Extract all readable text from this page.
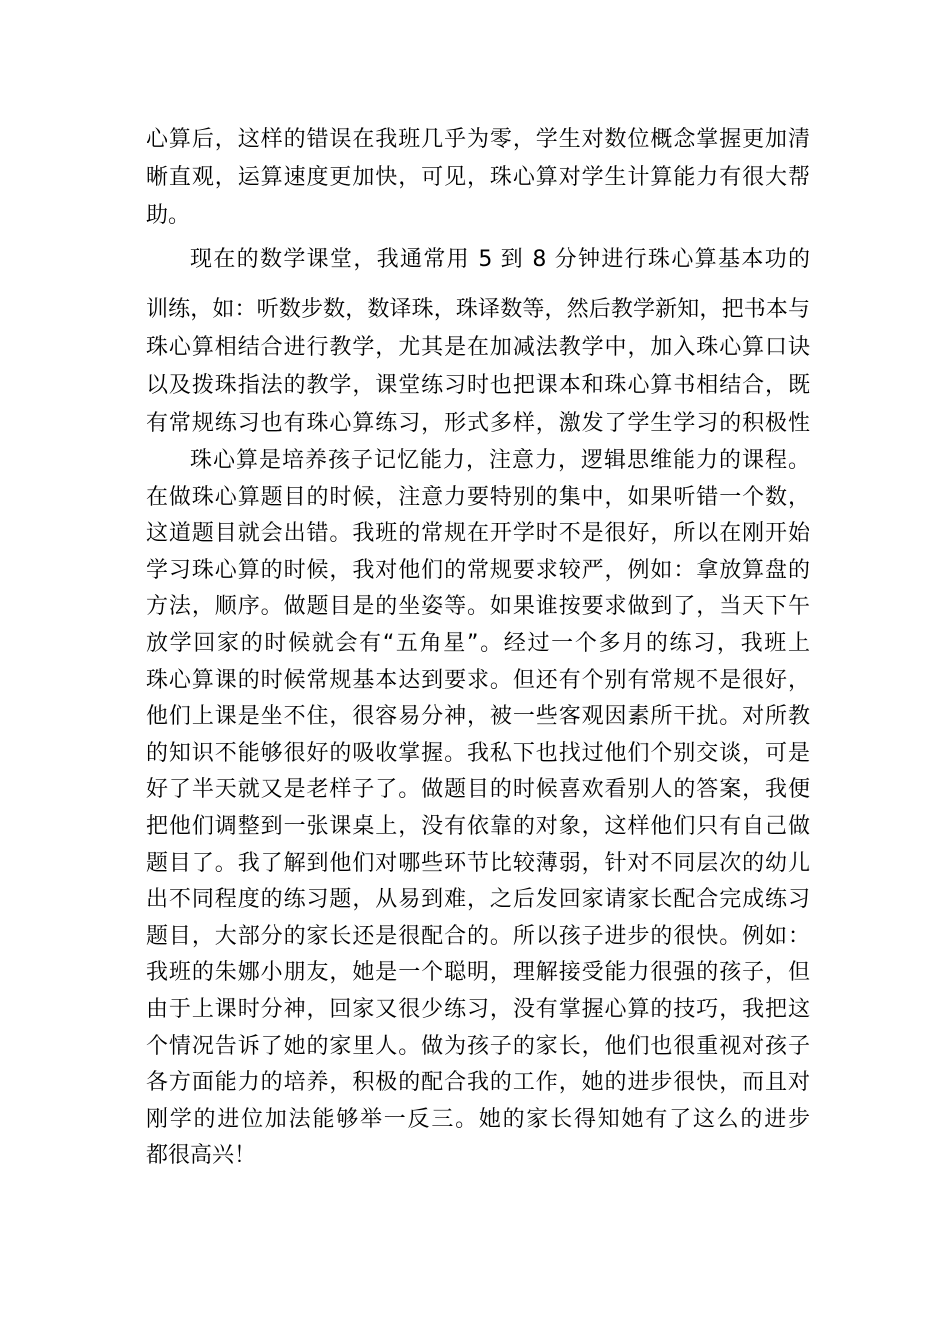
心算后，这样的错误在我班几乎为零，学生对数位概念掌握更加清
晰直观，运算速度更加快，可见，珠心算对学生计算能力有很大帮
助。
现在的数学课堂，我通常用 5 到 8 分钟进行珠心算基本功的
训练，如：听数步数，数译珠，珠译数等，然后教学新知，把书本与
珠心算相结合进行教学，尤其是在加减法教学中，加入珠心算口诀
以及拨珠指法的教学，课堂练习时也把课本和珠心算书相结合，既
有常规练习也有珠心算练习，形式多样，激发了学生学习的积极性
珠心算是培养孩子记忆能力，注意力，逻辑思维能力的课程。
在做珠心算题目的时候，注意力要特别的集中，如果听错一个数，
这道题目就会出错。我班的常规在开学时不是很好，所以在刚开始
学习珠心算的时候，我对他们的常规要求较严，例如：拿放算盘的
方法，顺序。做题目是的坐姿等。如果谁按要求做到了，当天下午
放学回家的时候就会有“五角星”。经过一个多月的练习，我班上
珠心算课的时候常规基本达到要求。但还有个别有常规不是很好，
他们上课是坐不住，很容易分神，被一些客观因素所干扰。对所教
的知识不能够很好的吸收掌握。我私下也找过他们个别交谈，可是
好了半天就又是老样子了。做题目的时候喜欢看别人的答案，我便
把他们调整到一张课桌上，没有依靠的对象，这样他们只有自己做
题目了。我了解到他们对哪些环节比较薄弱，针对不同层次的幼儿
出不同程度的练习题，从易到难，之后发回家请家长配合完成练习
题目，大部分的家长还是很配合的。所以孩子进步的很快。例如：
我班的朱娜小朋友，她是一个聪明，理解接受能力很强的孩子，但
由于上课时分神，回家又很少练习，没有掌握心算的技巧，我把这
个情况告诉了她的家里人。做为孩子的家长，他们也很重视对孩子
各方面能力的培养，积极的配合我的工作，她的进步很快，而且对
刚学的进位加法能够举一反三。她的家长得知她有了这么的进步
都很高兴！
